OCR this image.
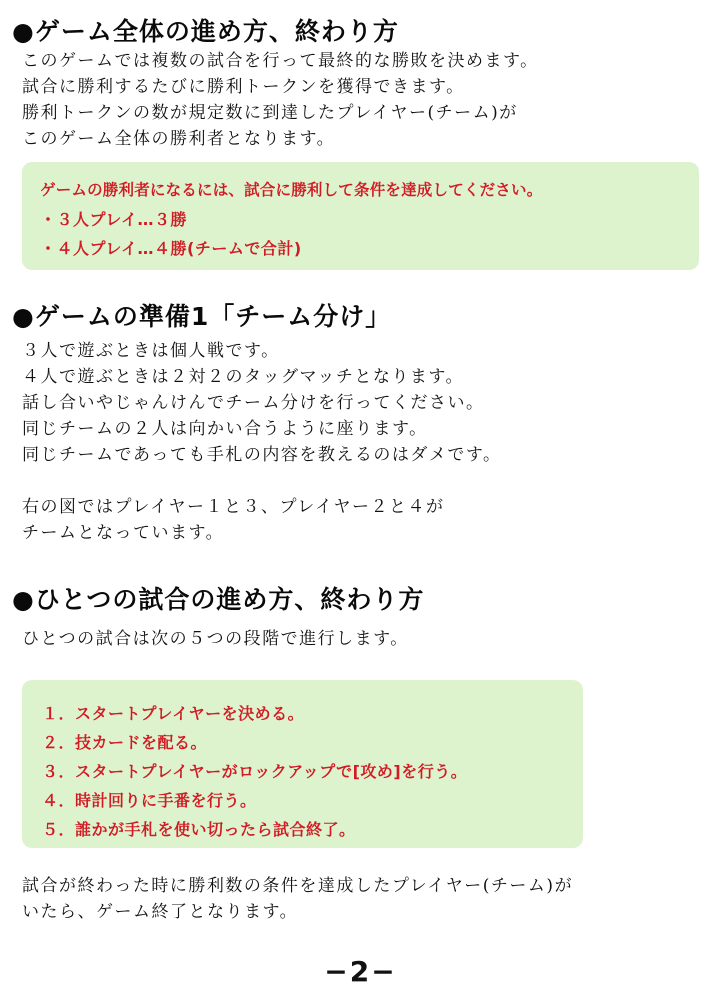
●ゲーム全体の進め方、終わり方
このゲームでは複数の試合を行って最終的な勝敗を決めます。
試合に勝利するたびに勝利トークンを獲得できます。
勝利トークンの数が規定数に到達したプレイヤー(チーム)が
このゲーム全体の勝利者となります。
ゲームの勝利者になるには、試合に勝利して条件を達成してください。
・３人プレイ…３勝
・４人プレイ…４勝(チームで合計)
●ゲームの準備1「チーム分け」
３人で遊ぶときは個人戦です。
４人で遊ぶときは２対２のタッグマッチとなります。
話し合いやじゃんけんでチーム分けを行ってください。
同じチームの２人は向かい合うように座ります。
同じチームであっても手札の内容を教えるのはダメです。
右の図ではプレイヤー１と３、プレイヤー２と４が
チームとなっています。
●ひとつの試合の進め方、終わり方
ひとつの試合は次の５つの段階で進行します。
１．スタートプレイヤーを決める。
２．技カードを配る。
３．スタートプレイヤーがロックアップで[攻め]を行う。
４．時計回りに手番を行う。
５．誰かが手札を使い切ったら試合終了。
試合が終わった時に勝利数の条件を達成したプレイヤー(チーム)が
いたら、ゲーム終了となります。
−2−
